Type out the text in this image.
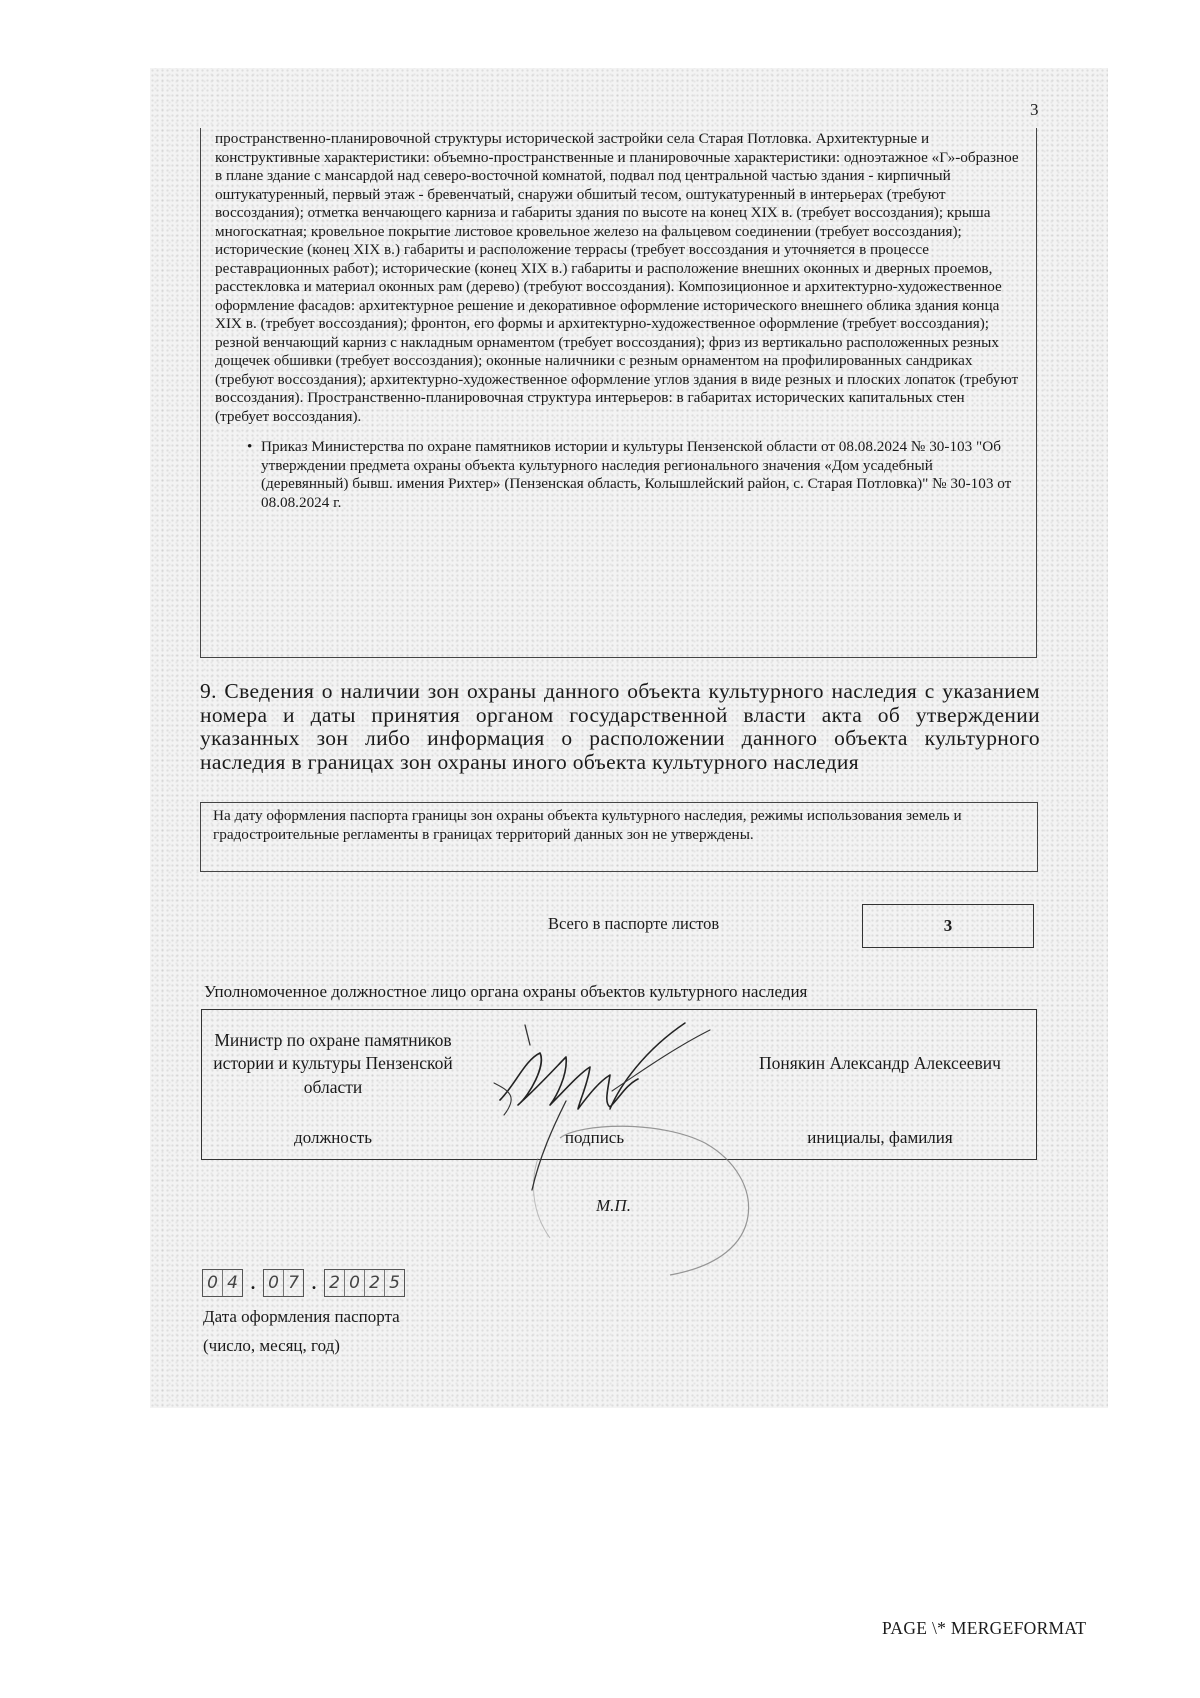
3

пространственно-планировочной структуры исторической застройки села Старая Потловка. Архитектурные и конструктивные характеристики: объемно-пространственные и планировочные характеристики: одноэтажное «Г»-образное в плане здание с мансардой над северо-восточной комнатой, подвал под центральной частью здания - кирпичный оштукатуренный, первый этаж - бревенчатый, снаружи обшитый тесом, оштукатуренный в интерьерах (требуют воссоздания); отметка венчающего карниза и габариты здания по высоте на конец XIX в. (требует воссоздания); крыша многоскатная; кровельное покрытие листовое кровельное железо на фальцевом соединении (требует воссоздания); исторические (конец XIX в.) габариты и расположение террасы (требует воссоздания и уточняется в процессе реставрационных работ); исторические (конец XIX в.) габариты и расположение внешних оконных и дверных проемов, расстекловка и материал оконных рам (дерево) (требуют воссоздания). Композиционное и архитектурно-художественное оформление фасадов: архитектурное решение и декоративное оформление исторического внешнего облика здания конца XIX в. (требует воссоздания); фронтон, его формы и архитектурно-художественное оформление (требует воссоздания); резной венчающий карниз с накладным орнаментом (требует воссоздания); фриз из вертикально расположенных резных дощечек обшивки (требует воссоздания); оконные наличники с резным орнаментом на профилированных сандриках (требуют воссоздания); архитектурно-художественное оформление углов здания в виде резных и плоских лопаток (требуют воссоздания). Пространственно-планировочная структура интерьеров: в габаритах исторических капитальных стен (требует воссоздания).

• Приказ Министерства по охране памятников истории и культуры Пензенской области от 08.08.2024 № 30-103 "Об утверждении предмета охраны объекта культурного наследия регионального значения «Дом усадебный (деревянный) бывш. имения Рихтер» (Пензенская область, Колышлейский район, с. Старая Потловка)" № 30-103 от 08.08.2024 г.

9. Сведения о наличии зон охраны данного объекта культурного наследия с указанием номера и даты принятия органом государственной власти акта об утверждении указанных зон либо информация о расположении данного объекта культурного наследия в границах зон охраны иного объекта культурного наследия

На дату оформления паспорта границы зон охраны объекта культурного наследия, режимы использования земель и градостроительные регламенты в границах территорий данных зон не утверждены.
Всего в паспорте листов	3
Уполномоченное должностное лицо органа охраны объектов культурного наследия
Министр по охране памятников истории и культуры Пензенской области
Понякин Александр Алексеевич
должность	подпись	инициалы, фамилия
М.П.
0 4 . 0 7 . 2 0 2 5
Дата оформления паспорта
(число, месяц, год)
PAGE \* MERGEFORMAT
